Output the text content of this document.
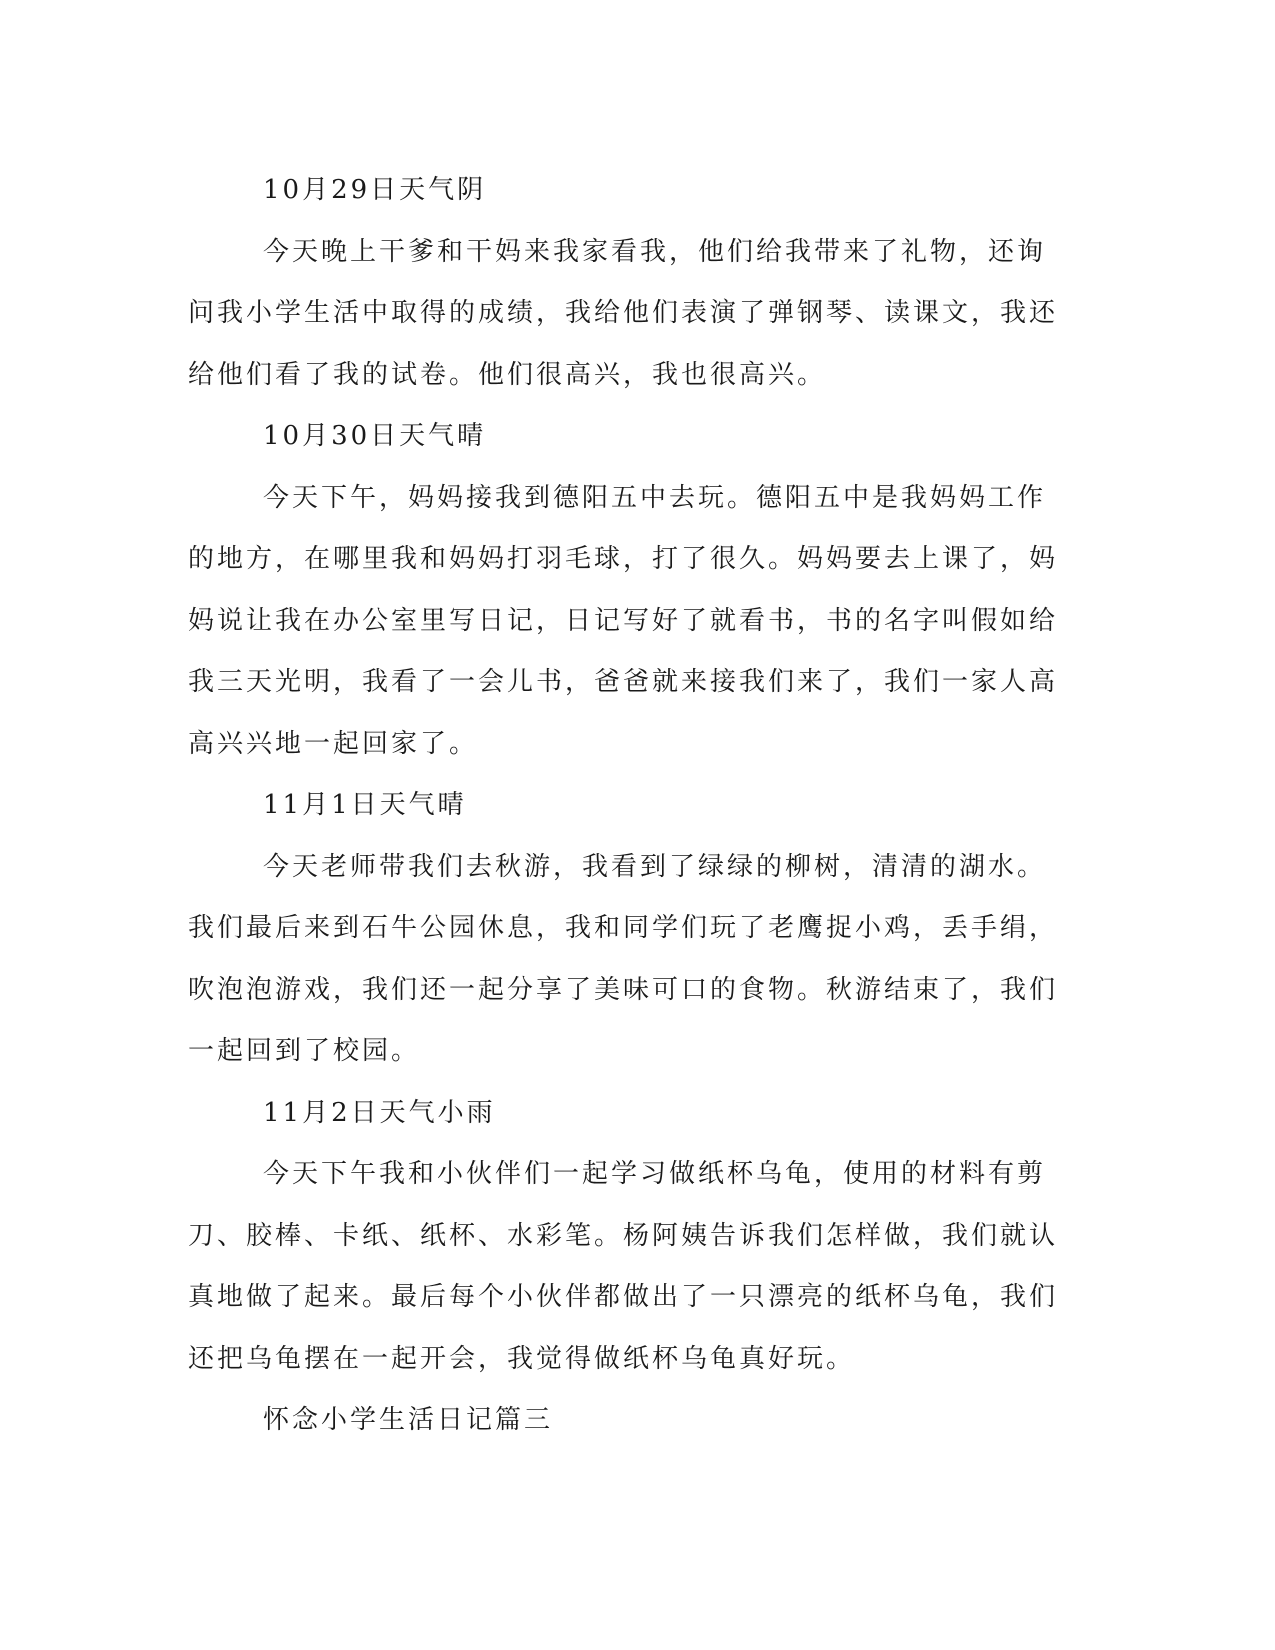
10月29日天气阴

今天晚上干爹和干妈来我家看我，他们给我带来了礼物，还询问我小学生活中取得的成绩，我给他们表演了弹钢琴、读课文，我还给他们看了我的试卷。他们很高兴，我也很高兴。

10月30日天气晴

今天下午，妈妈接我到德阳五中去玩。德阳五中是我妈妈工作的地方，在哪里我和妈妈打羽毛球，打了很久。妈妈要去上课了，妈妈说让我在办公室里写日记，日记写好了就看书，书的名字叫假如给我三天光明，我看了一会儿书，爸爸就来接我们来了，我们一家人高高兴兴地一起回家了。

11月1日天气晴

今天老师带我们去秋游，我看到了绿绿的柳树，清清的湖水。我们最后来到石牛公园休息，我和同学们玩了老鹰捉小鸡，丢手绢，吹泡泡游戏，我们还一起分享了美味可口的食物。秋游结束了，我们一起回到了校园。

11月2日天气小雨

今天下午我和小伙伴们一起学习做纸杯乌龟，使用的材料有剪刀、胶棒、卡纸、纸杯、水彩笔。杨阿姨告诉我们怎样做，我们就认真地做了起来。最后每个小伙伴都做出了一只漂亮的纸杯乌龟，我们还把乌龟摆在一起开会，我觉得做纸杯乌龟真好玩。

怀念小学生活日记篇三
